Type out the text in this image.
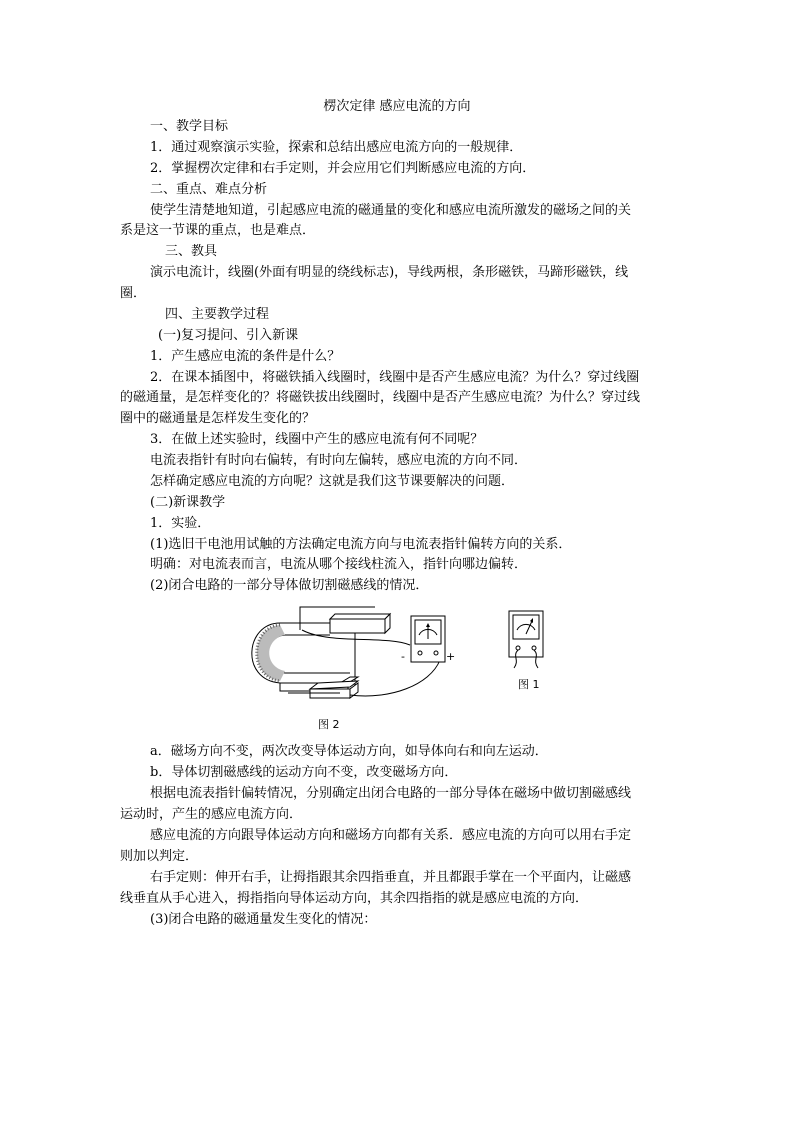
楞次定律 感应电流的方向
一、教学目标
1．通过观察演示实验，探索和总结出感应电流方向的一般规律．
2．掌握楞次定律和右手定则，并会应用它们判断感应电流的方向．
二、重点、难点分析
使学生清楚地知道，引起感应电流的磁通量的变化和感应电流所激发的磁场之间的关
系是这一节课的重点，也是难点．
三、教具
演示电流计，线圈(外面有明显的绕线标志)，导线两根，条形磁铁，马蹄形磁铁，线
圈．
四、主要教学过程
(一)复习提问、引入新课
1．产生感应电流的条件是什么？
2．在课本插图中，将磁铁插入线圈时，线圈中是否产生感应电流？为什么？穿过线圈
的磁通量，是怎样变化的？将磁铁拔出线圈时，线圈中是否产生感应电流？为什么？穿过线
圈中的磁通量是怎样发生变化的？
3．在做上述实验时，线圈中产生的感应电流有何不同呢？
电流表指针有时向右偏转，有时向左偏转，感应电流的方向不同．
怎样确定感应电流的方向呢？这就是我们这节课要解决的问题．
(二)新课教学
1．实验．
(1)选旧干电池用试触的方法确定电流方向与电流表指针偏转方向的关系．
明确：对电流表而言，电流从哪个接线柱流入，指针向哪边偏转．
(2)闭合电路的一部分导体做切割磁感线的情况．
-	+
图 2
图 1
a．磁场方向不变，两次改变导体运动方向，如导体向右和向左运动．
b．导体切割磁感线的运动方向不变，改变磁场方向．
根据电流表指针偏转情况，分别确定出闭合电路的一部分导体在磁场中做切割磁感线
运动时，产生的感应电流方向．
感应电流的方向跟导体运动方向和磁场方向都有关系．感应电流的方向可以用右手定
则加以判定．
右手定则：伸开右手，让拇指跟其余四指垂直，并且都跟手掌在一个平面内，让磁感
线垂直从手心进入，拇指指向导体运动方向，其余四指指的就是感应电流的方向．
(3)闭合电路的磁通量发生变化的情况：
